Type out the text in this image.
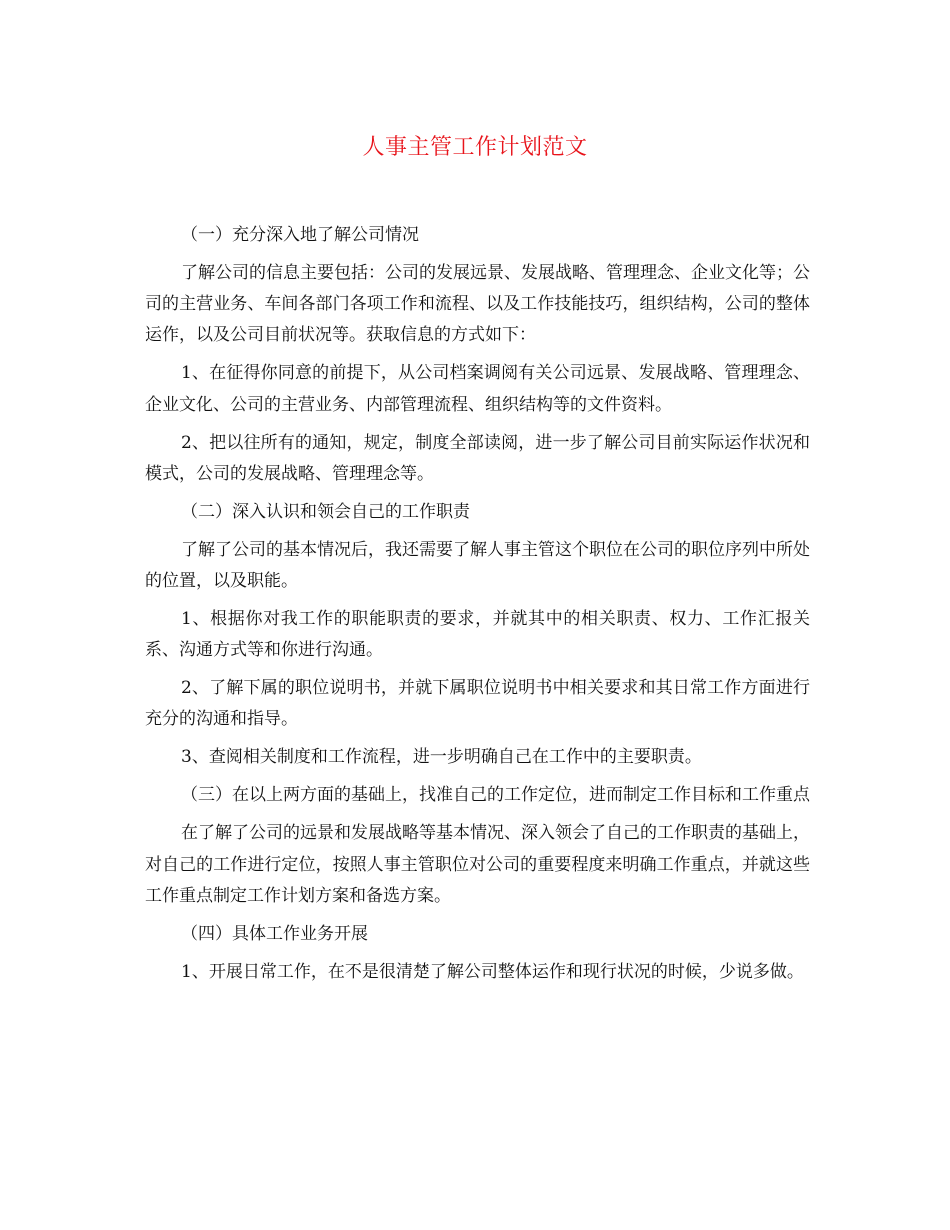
人事主管工作计划范文

（一）充分深入地了解公司情况

了解公司的信息主要包括：公司的发展远景、发展战略、管理理念、企业文化等；公司的主营业务、车间各部门各项工作和流程、以及工作技能技巧，组织结构，公司的整体运作，以及公司目前状况等。获取信息的方式如下：

1、在征得你同意的前提下，从公司档案调阅有关公司远景、发展战略、管理理念、企业文化、公司的主营业务、内部管理流程、组织结构等的文件资料。

2、把以往所有的通知，规定，制度全部读阅，进一步了解公司目前实际运作状况和模式，公司的发展战略、管理理念等。

（二）深入认识和领会自己的工作职责

了解了公司的基本情况后，我还需要了解人事主管这个职位在公司的职位序列中所处的位置，以及职能。

1、根据你对我工作的职能职责的要求，并就其中的相关职责、权力、工作汇报关系、沟通方式等和你进行沟通。

2、了解下属的职位说明书，并就下属职位说明书中相关要求和其日常工作方面进行充分的沟通和指导。

3、查阅相关制度和工作流程，进一步明确自己在工作中的主要职责。

（三）在以上两方面的基础上，找准自己的工作定位，进而制定工作目标和工作重点

在了解了公司的远景和发展战略等基本情况、深入领会了自己的工作职责的基础上，对自己的工作进行定位，按照人事主管职位对公司的重要程度来明确工作重点，并就这些工作重点制定工作计划方案和备选方案。

（四）具体工作业务开展

1、开展日常工作，在不是很清楚了解公司整体运作和现行状况的时候，少说多做。
